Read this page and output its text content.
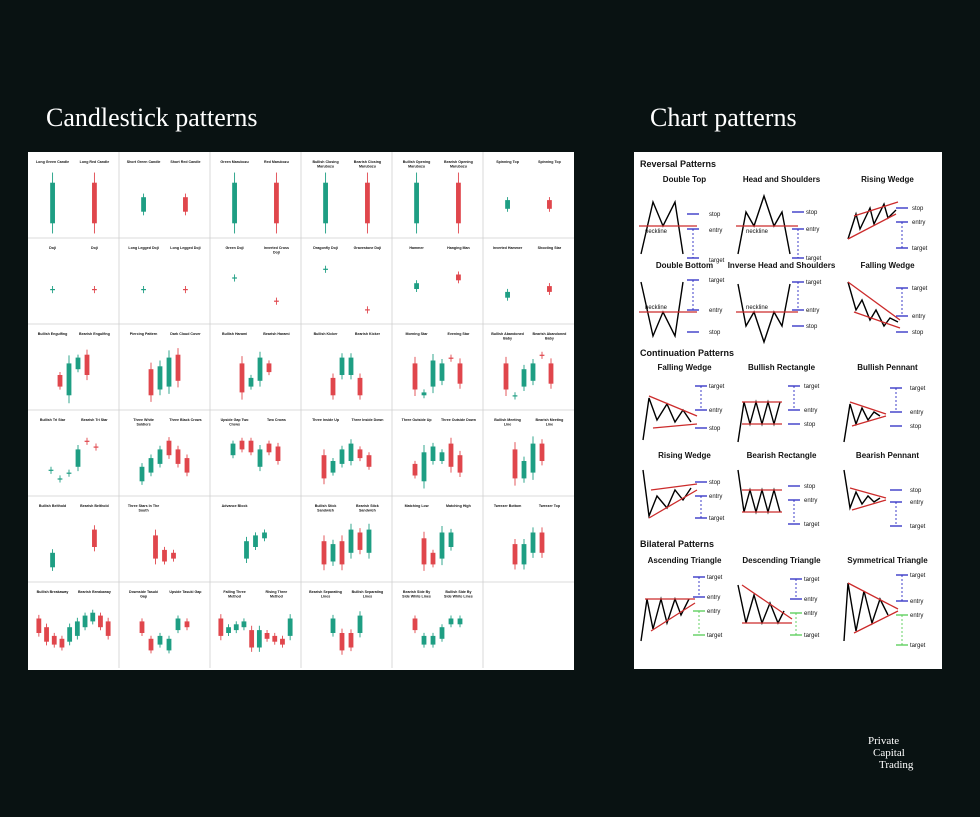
Candlestick patterns	Chart patterns
Long Green Candle	Long Red Candle	Short Green Candle	Short Red Candle	Green Marubozu	Red Marubozu	Bullish Closing Marubozu
Bearish Closing Marubozu
Bullish Opening Marubozu
Bearish Opening Marubozu
Spinning Top	Spinning Top
Doji	Doji	Long Legged Doji	Long Legged Doji	Green Doji	Inverted Cross Doji
Dragonfly Doji	Gravestone Doji	Hammer	Hanging Man	Inverted Hammer	Shooting Star
Bullish Engulfing	Bearish Engulfing	Piercing Pattern	Dark Cloud Cover	Bullish Harami	Bearish Harami	Bullish Kicker	Bearish Kicker	Morning Star	Evening Star	Bullish Abandoned Baby
Bearish Abandoned Baby
Bullish Tri Star	Bearish Tri Star	Three White Soldiers
Three Black Crows	Upside Gap Two Crows
Two Crows	Three Inside Up	Three Inside Down	Three Outside Up	Three Outside Down	Bullish Meeting Line
Bearish Meeting Line
Bullish Belthold	Bearish Belthold	Three Stars In The South
Advance Block	Bullish Stick Sandwich
Bearish Stick Sandwich
Matching Low	Matching High	Tweezer Bottom	Tweezer Top
Bullish Breakaway	Bearish Breakaway	Downside Tasuki Gap
Upside Tasuki Gap	Falling Three Method
Rising Three Method
Bearish Separating Lines
Bullish Separating Lines
Bearish Side By Side White Lines
Bullish Side By Side White Lines
Reversal Patterns
Continuation Patterns
Bilateral Patterns
Double Top
stop
neckline	entry
target
Head and Shoulders
stop
neckline	entry
target
Rising Wedge
stop
entry
target
Double Bottom
target
neckline	entry
stop
Inverse Head and Shoulders
target
neckline	entry
stop
Falling Wedge
target
entry
stop
Falling Wedge
target
entry
stop
Bullish Rectangle
target
entry
stop
Bullish Pennant
target
entry
stop
Rising Wedge
stop
entry
target
Bearish Rectangle
stop
entry
target
Bearish Pennant
stop
entry
target
Ascending Triangle
target
entry
entry
target
Descending Triangle
target
entry
entry
target
Symmetrical Triangle
target
entry
entry
target
Private
Capital
Trading
